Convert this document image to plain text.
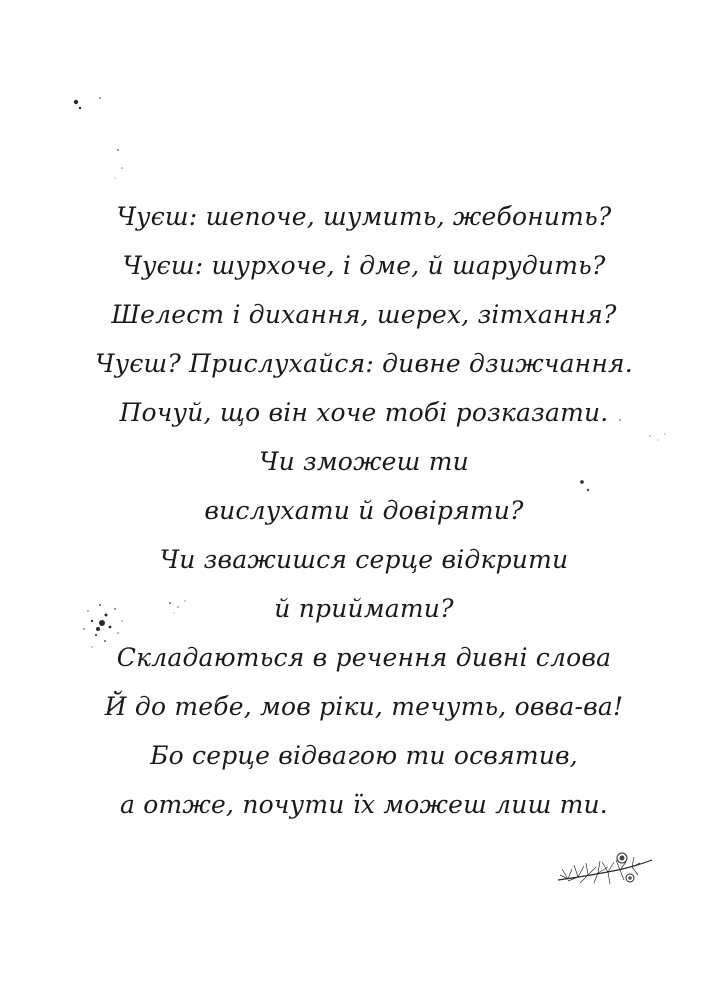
Чуєш: шепоче, шумить, жебонить?
Чуєш: шурхоче, і дме, й шарудить?
Шелест і дихання, шерех, зітхання?
Чуєш? Прислухайся: дивне дзижчання.
Почуй, що він хоче тобі розказати.
Чи зможеш ти
вислухати й довіряти?
Чи зважишся серце відкрити
й приймати?
Складаються в речення дивні слова
Й до тебе, мов ріки, течуть, овва-ва!
Бо серце відвагою ти освятив,
а отже, почути їх можеш лиш ти.
